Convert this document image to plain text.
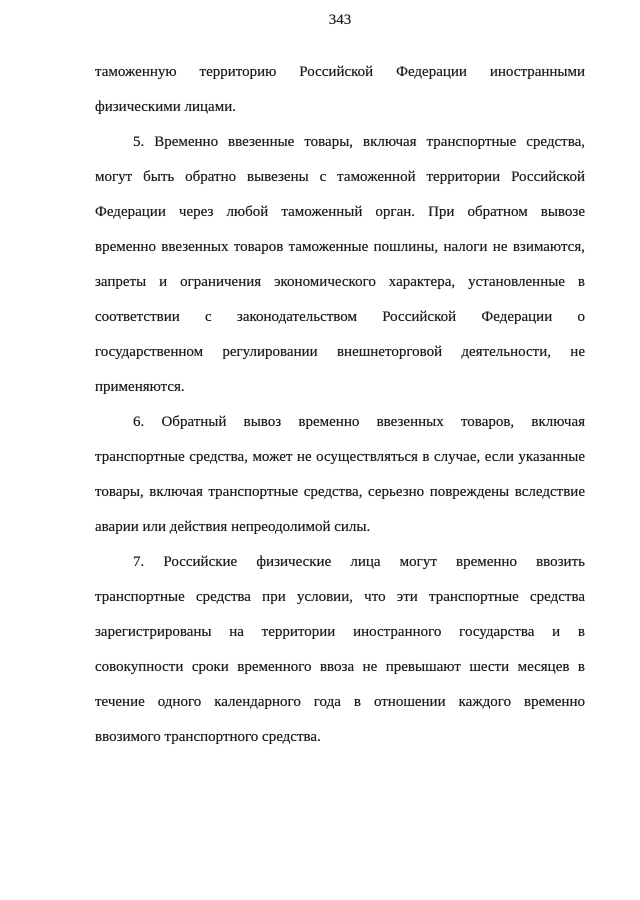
343
таможенную территорию Российской Федерации иностранными
физическими лицами.
5. Временно ввезенные товары, включая транспортные средства,
могут быть обратно вывезены с таможенной территории Российской
Федерации через любой таможенный орган. При обратном вывозе
временно ввезенных товаров таможенные пошлины, налоги не взимаются,
запреты и ограничения экономического характера, установленные в
соответствии с законодательством Российской Федерации о
государственном регулировании внешнеторговой деятельности, не
применяются.
6. Обратный вывоз временно ввезенных товаров, включая
транспортные средства, может не осуществляться в случае, если указанные
товары, включая транспортные средства, серьезно повреждены вследствие
аварии или действия непреодолимой силы.
7. Российские физические лица могут временно ввозить
транспортные средства при условии, что эти транспортные средства
зарегистрированы на территории иностранного государства и в
совокупности сроки временного ввоза не превышают шести месяцев в
течение одного календарного года в отношении каждого временно
ввозимого транспортного средства.
